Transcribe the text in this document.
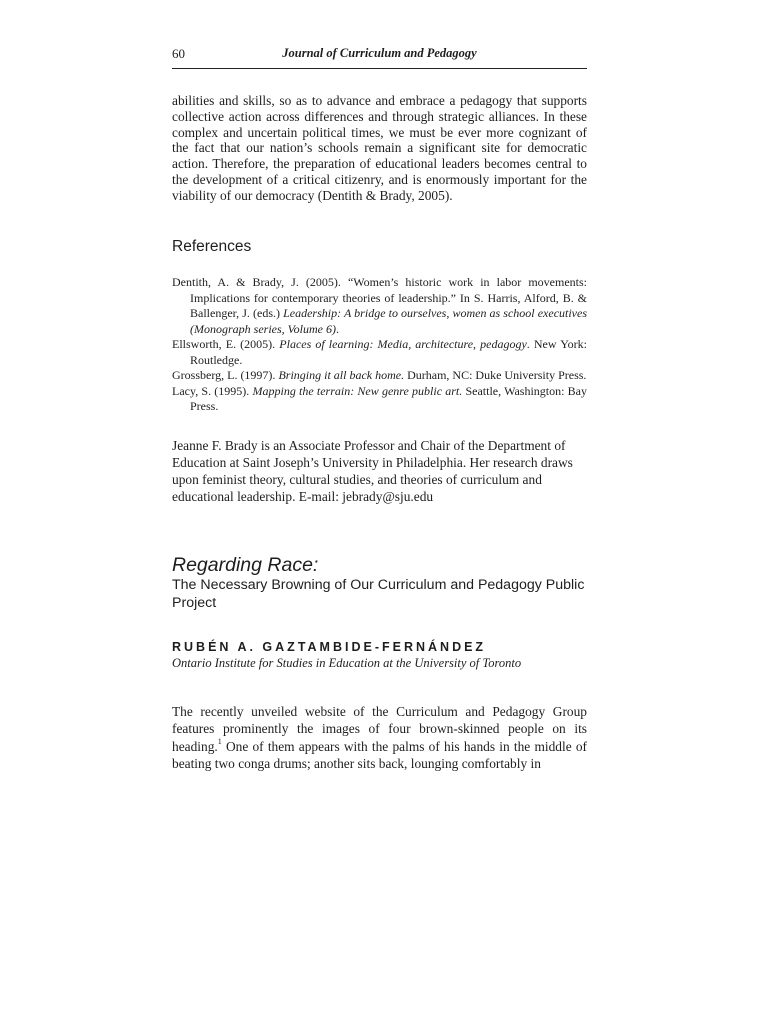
60	Journal of Curriculum and Pedagogy

abilities and skills, so as to advance and embrace a pedagogy that supports collective action across differences and through strategic alliances. In these complex and uncertain political times, we must be ever more cognizant of the fact that our nation’s schools remain a significant site for democratic action. Therefore, the preparation of educational leaders becomes central to the development of a critical citizenry, and is enormously important for the viability of our democracy (Dentith & Brady, 2005).

References
Dentith, A. & Brady, J. (2005). “Women’s historic work in labor movements: Implications for contemporary theories of leadership.” In S. Harris, Alford, B. & Ballenger, J. (eds.) Leadership: A bridge to ourselves, women as school executives (Monograph series, Volume 6).
Ellsworth, E. (2005). Places of learning: Media, architecture, pedagogy. New York: Routledge.
Grossberg, L. (1997). Bringing it all back home. Durham, NC: Duke University Press.
Lacy, S. (1995). Mapping the terrain: New genre public art. Seattle, Washington: Bay Press.

Jeanne F. Brady is an Associate Professor and Chair of the Department of Education at Saint Joseph’s University in Philadelphia. Her research draws upon feminist theory, cultural studies, and theories of curriculum and educational leadership. E-mail: jebrady@sju.edu

Regarding Race:
The Necessary Browning of Our Curriculum and Pedagogy Public Project

RUBÉN A. GAZTAMBIDE-FERNÁNDEZ

Ontario Institute for Studies in Education at the University of Toronto

The recently unveiled website of the Curriculum and Pedagogy Group features prominently the images of four brown-skinned people on its heading.$^1$ One of them appears with the palms of his hands in the middle of beating two conga drums; another sits back, lounging comfortably in
